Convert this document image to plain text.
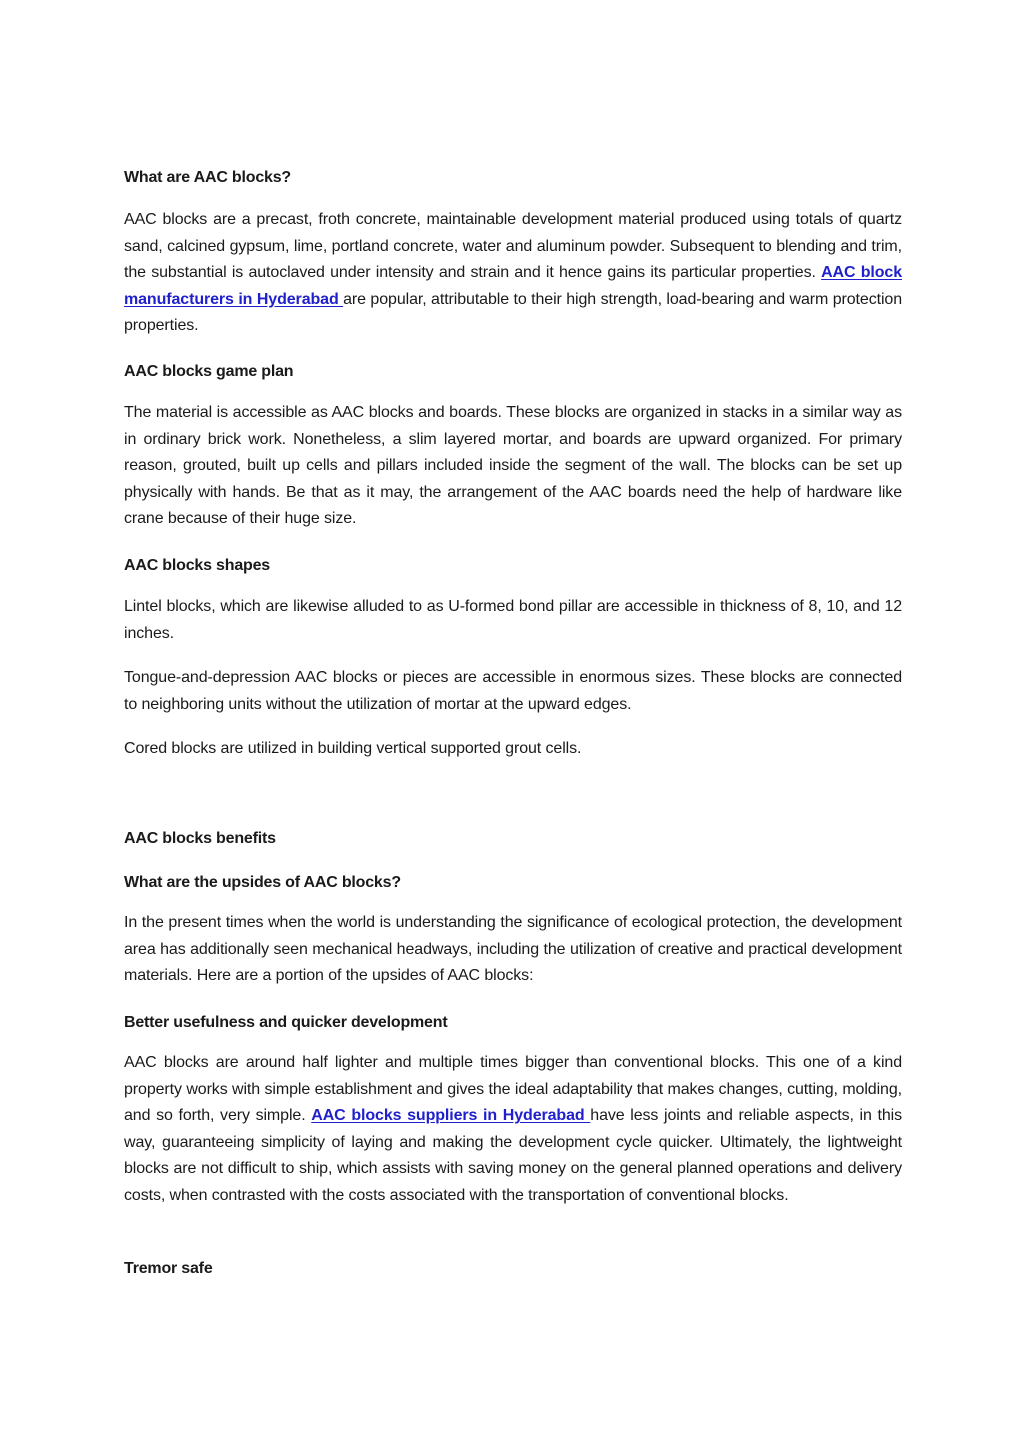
What are AAC blocks?

AAC blocks are a precast, froth concrete, maintainable development material produced using totals of quartz sand, calcined gypsum, lime, portland concrete, water and aluminum powder. Subsequent to blending and trim, the substantial is autoclaved under intensity and strain and it hence gains its particular properties. AAC block manufacturers in Hyderabad are popular, attributable to their high strength, load-bearing and warm protection properties.

AAC blocks game plan

The material is accessible as AAC blocks and boards. These blocks are organized in stacks in a similar way as in ordinary brick work. Nonetheless, a slim layered mortar, and boards are upward organized. For primary reason, grouted, built up cells and pillars included inside the segment of the wall. The blocks can be set up physically with hands. Be that as it may, the arrangement of the AAC boards need the help of hardware like crane because of their huge size.

AAC blocks shapes

Lintel blocks, which are likewise alluded to as U-formed bond pillar are accessible in thickness of 8, 10, and 12 inches.

Tongue-and-depression AAC blocks or pieces are accessible in enormous sizes. These blocks are connected to neighboring units without the utilization of mortar at the upward edges.

Cored blocks are utilized in building vertical supported grout cells.

AAC blocks benefits
What are the upsides of AAC blocks?

In the present times when the world is understanding the significance of ecological protection, the development area has additionally seen mechanical headways, including the utilization of creative and practical development materials. Here are a portion of the upsides of AAC blocks:

Better usefulness and quicker development

AAC blocks are around half lighter and multiple times bigger than conventional blocks. This one of a kind property works with simple establishment and gives the ideal adaptability that makes changes, cutting, molding, and so forth, very simple. AAC blocks suppliers in Hyderabad have less joints and reliable aspects, in this way, guaranteeing simplicity of laying and making the development cycle quicker. Ultimately, the lightweight blocks are not difficult to ship, which assists with saving money on the general planned operations and delivery costs, when contrasted with the costs associated with the transportation of conventional blocks.

Tremor safe
